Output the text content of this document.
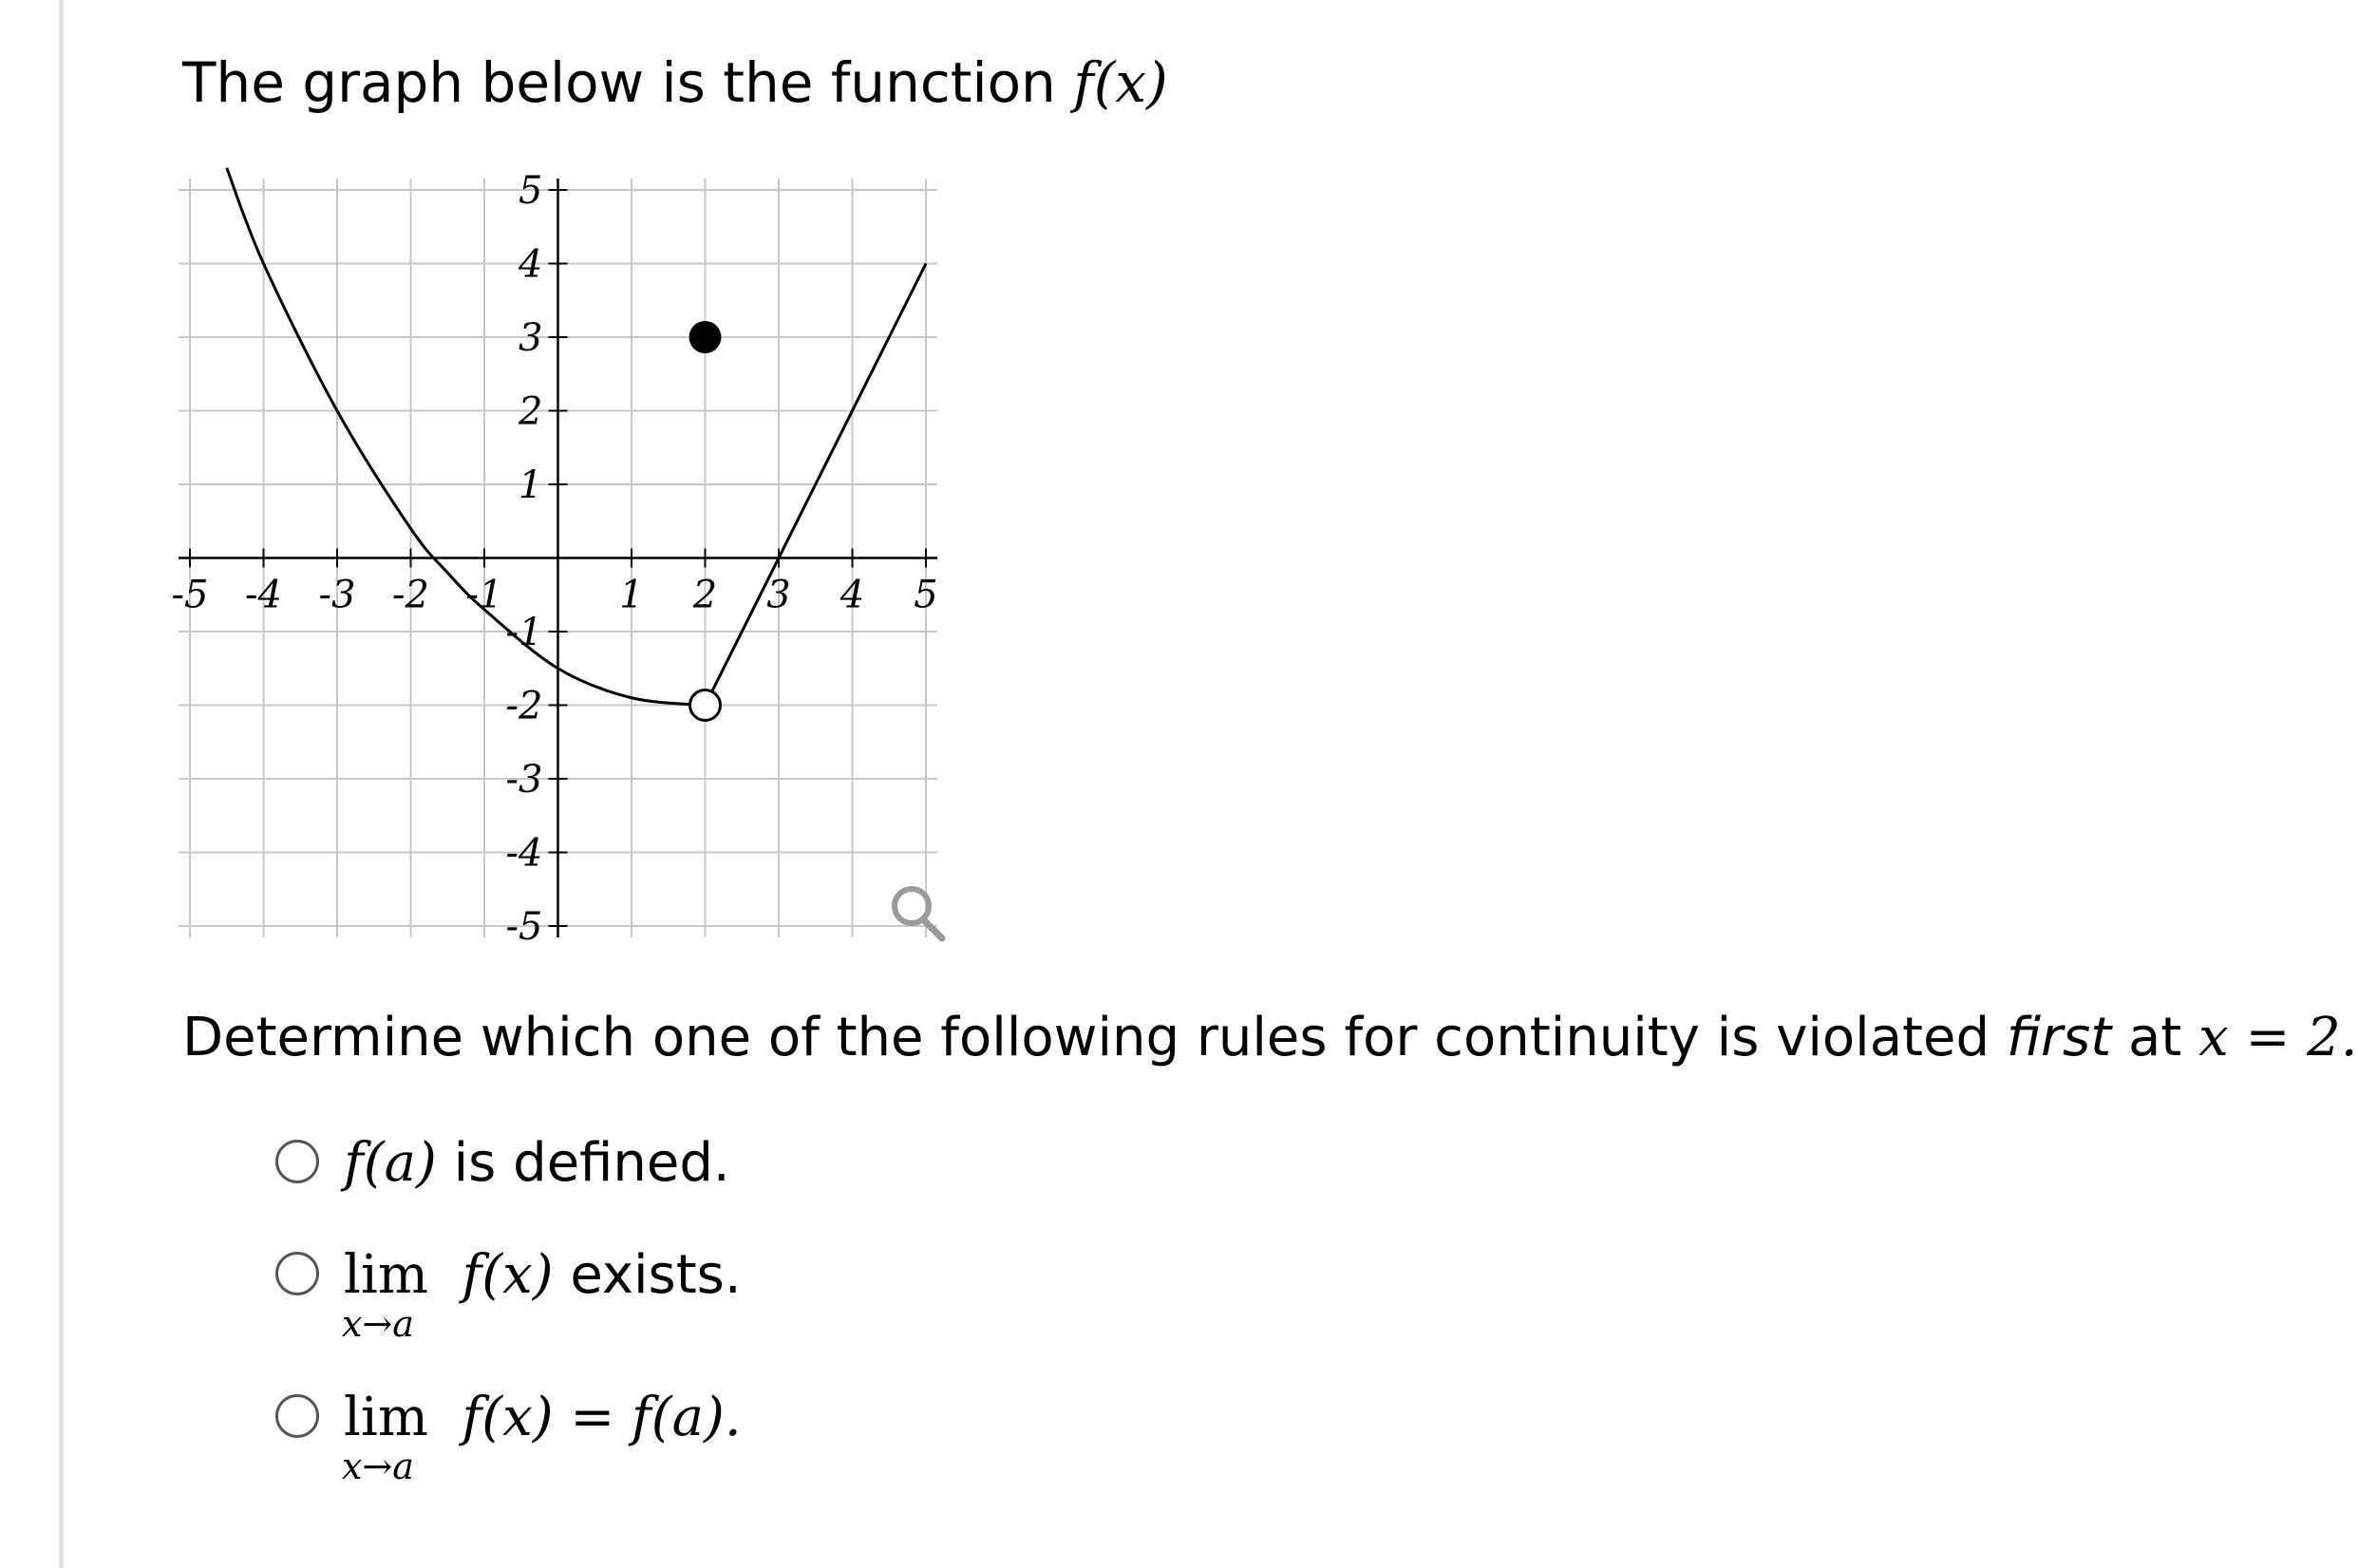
The graph below is the function f(x)
-5 -4 -3 -2 -1	1 2 3 4 5
5
4
3
2
1
-1
-2
-3
-4
-5
Determine which one of the following rules for continuity is violated first at x = 2.
f(a) is defined.
lim
x→a
f(x) exists.
lim
x→a
f(x) = f(a).
